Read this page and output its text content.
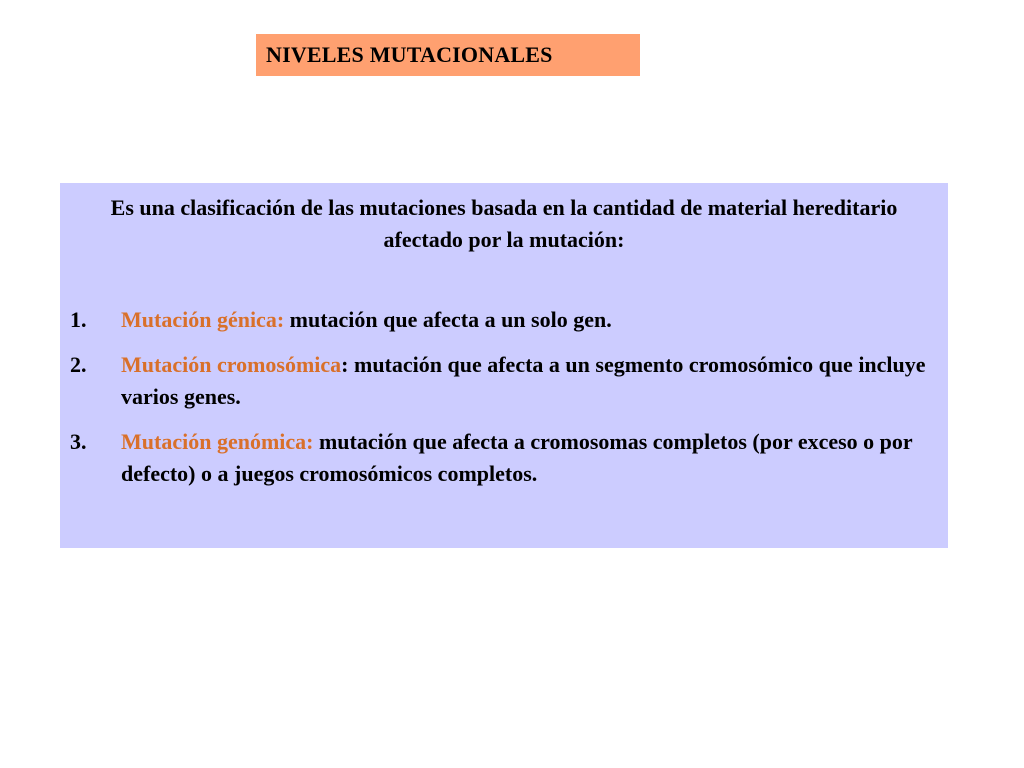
NIVELES MUTACIONALES

Es una clasificación de las mutaciones basada en la cantidad de material hereditario afectado por la mutación:

1.	Mutación génica: mutación que afecta a un solo gen.
2.	Mutación cromosómica: mutación que afecta a un segmento cromosómico que incluye varios genes.
3.	Mutación genómica: mutación que afecta a cromosomas completos (por exceso o por defecto) o a juegos cromosómicos completos.
